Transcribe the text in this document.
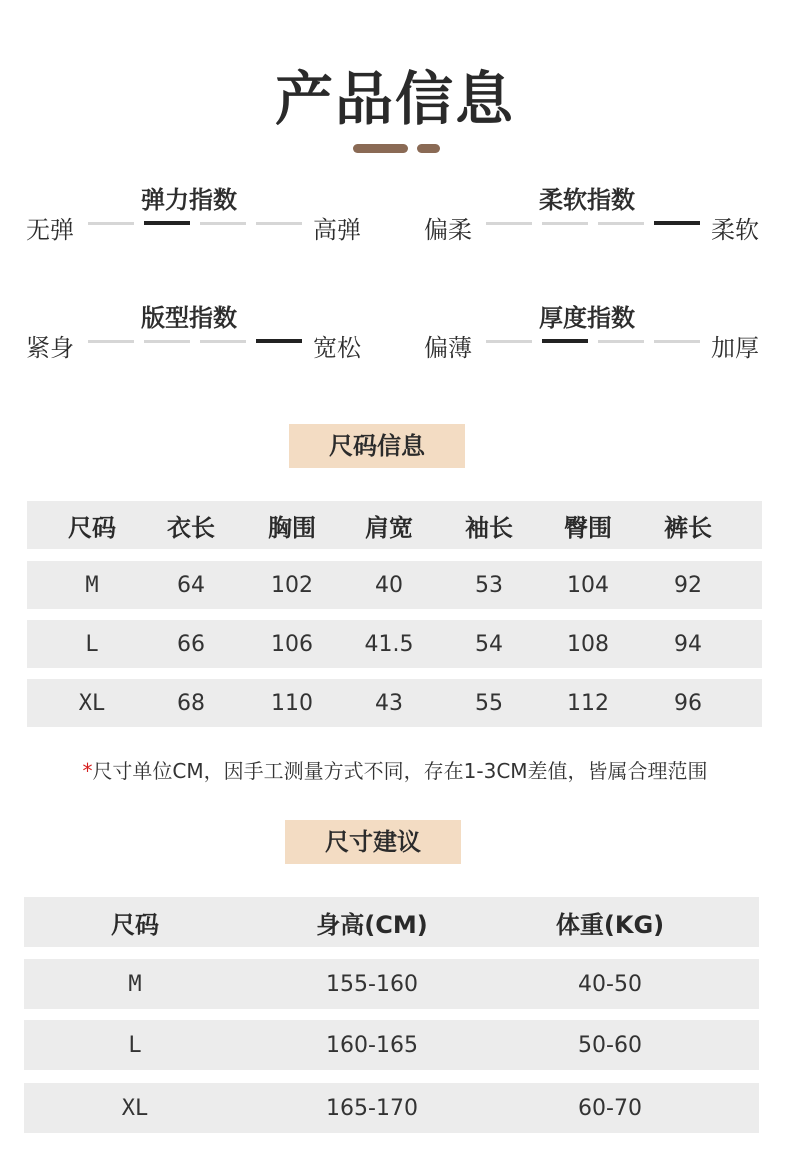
产品信息
弹力指数
无弹	高弹
柔软指数
偏柔	柔软
版型指数
紧身	宽松
厚度指数
偏薄	加厚
尺码信息
尺码	衣长	胸围	肩宽	袖长	臀围	裤长
M	64	102	40	53	104	92
L	66	106	41.5	54	108	94
XL	68	110	43	55	112	96
*尺寸单位CM，因手工测量方式不同，存在1-3CM差值，皆属合理范围
尺寸建议
尺码	身高(CM)	体重(KG)
M	155-160	40-50
L	160-165	50-60
XL	165-170	60-70
